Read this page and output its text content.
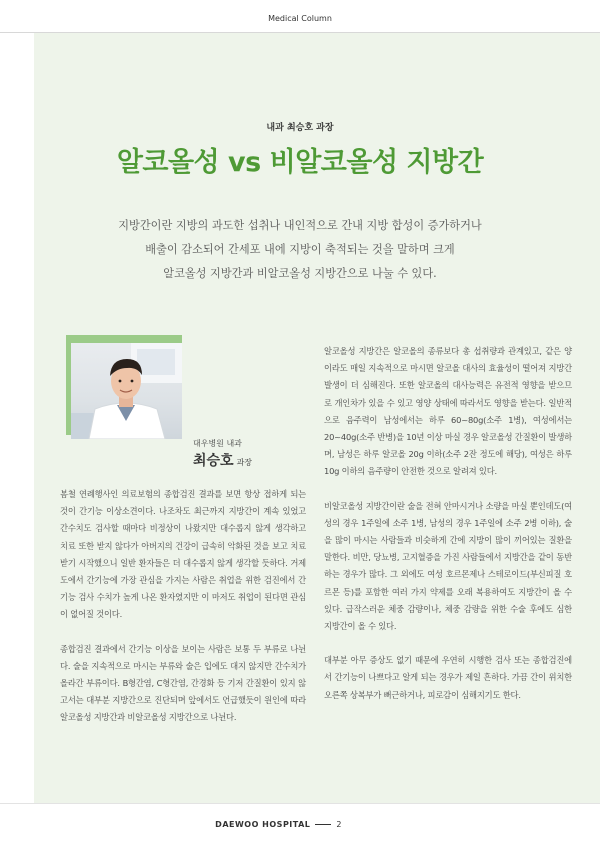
Medical Column
내과 최승호 과장
알코올성 vs 비알코올성 지방간

지방간이란 지방의 과도한 섭취나 내인적으로 간내 지방 합성이 증가하거나

배출이 감소되어 간세포 내에 지방이 축적되는 것을 말하며 크게

알코올성 지방간과 비알코올성 지방간으로 나눌 수 있다.

대우병원 내과
최승호 과장

봄철 연례행사인 의료보험의 종합검진 결과를 보면 항상 접하게 되는 것이 간기능 이상소견이다. 나조차도 최근까지 지방간이 계속 있었고 간수치도 검사할 때마다 비정상이 나왔지만 대수롭지 않게 생각하고 치료 또한 받지 않다가 아버지의 건강이 급속히 악화된 것을 보고 치료 받기 시작했으니 일반 환자들은 더 대수롭지 않게 생각할 듯하다. 거제도에서 간기능에 가장 관심을 가지는 사람은 취업을 위한 검진에서 간기능 검사 수치가 높게 나온 환자였지만 이 마저도 취업이 된다면 관심이 없어질 것이다.

종합검진 결과에서 간기능 이상을 보이는 사람은 보통 두 부류로 나뉜다. 술을 지속적으로 마시는 부류와 술은 입에도 대지 않지만 간수치가 올라간 부류이다. B형간염, C형간염, 간경화 등 기저 간질환이 있지 않고서는 대부분 지방간으로 진단되며 앞에서도 언급했듯이 원인에 따라 알코올성 지방간과 비알코올성 지방간으로 나뉜다.

알코올성 지방간은 알코올의 종류보다 총 섭취량과 관계있고, 같은 양이라도 매일 지속적으로 마시면 알코올 대사의 효율성이 떨어져 지방간 발생이 더 심해진다. 또한 알코올의 대사능력은 유전적 영향을 받으므로 개인차가 있을 수 있고 영양 상태에 따라서도 영향을 받는다. 일반적으로 음주력이 남성에서는 하루 60~80g(소주 1병), 여성에서는 20~40g(소주 반병)을 10년 이상 마실 경우 알코올성 간질환이 발생하며, 남성은 하루 알코올 20g 이하(소주 2잔 정도에 해당), 여성은 하루 10g 이하의 음주량이 안전한 것으로 알려져 있다.

비알코올성 지방간이란 술을 전혀 안마시거나 소량을 마실 뿐인데도(여성의 경우 1주일에 소주 1병, 남성의 경우 1주일에 소주 2병 이하), 술을 많이 마시는 사람들과 비슷하게 간에 지방이 많이 끼어있는 질환을 말한다. 비만, 당뇨병, 고지혈증을 가진 사람들에서 지방간을 같이 동반하는 경우가 많다. 그 외에도 여성 호르몬제나 스테로이드(부신피질 호르몬 등)를 포함한 여러 가지 약제를 오래 복용하여도 지방간이 올 수 있다. 급작스러운 체중 감량이나, 체중 감량을 위한 수술 후에도 심한 지방간이 올 수 있다.

대부분 아무 증상도 없기 때문에 우연히 시행한 검사 또는 종합검진에서 간기능이 나쁘다고 알게 되는 경우가 제일 흔하다. 가끔 간이 위치한 오른쪽 상복부가 뻐근하거나, 피로감이 심해지기도 한다.

DAEWOO HOSPITAL	2
